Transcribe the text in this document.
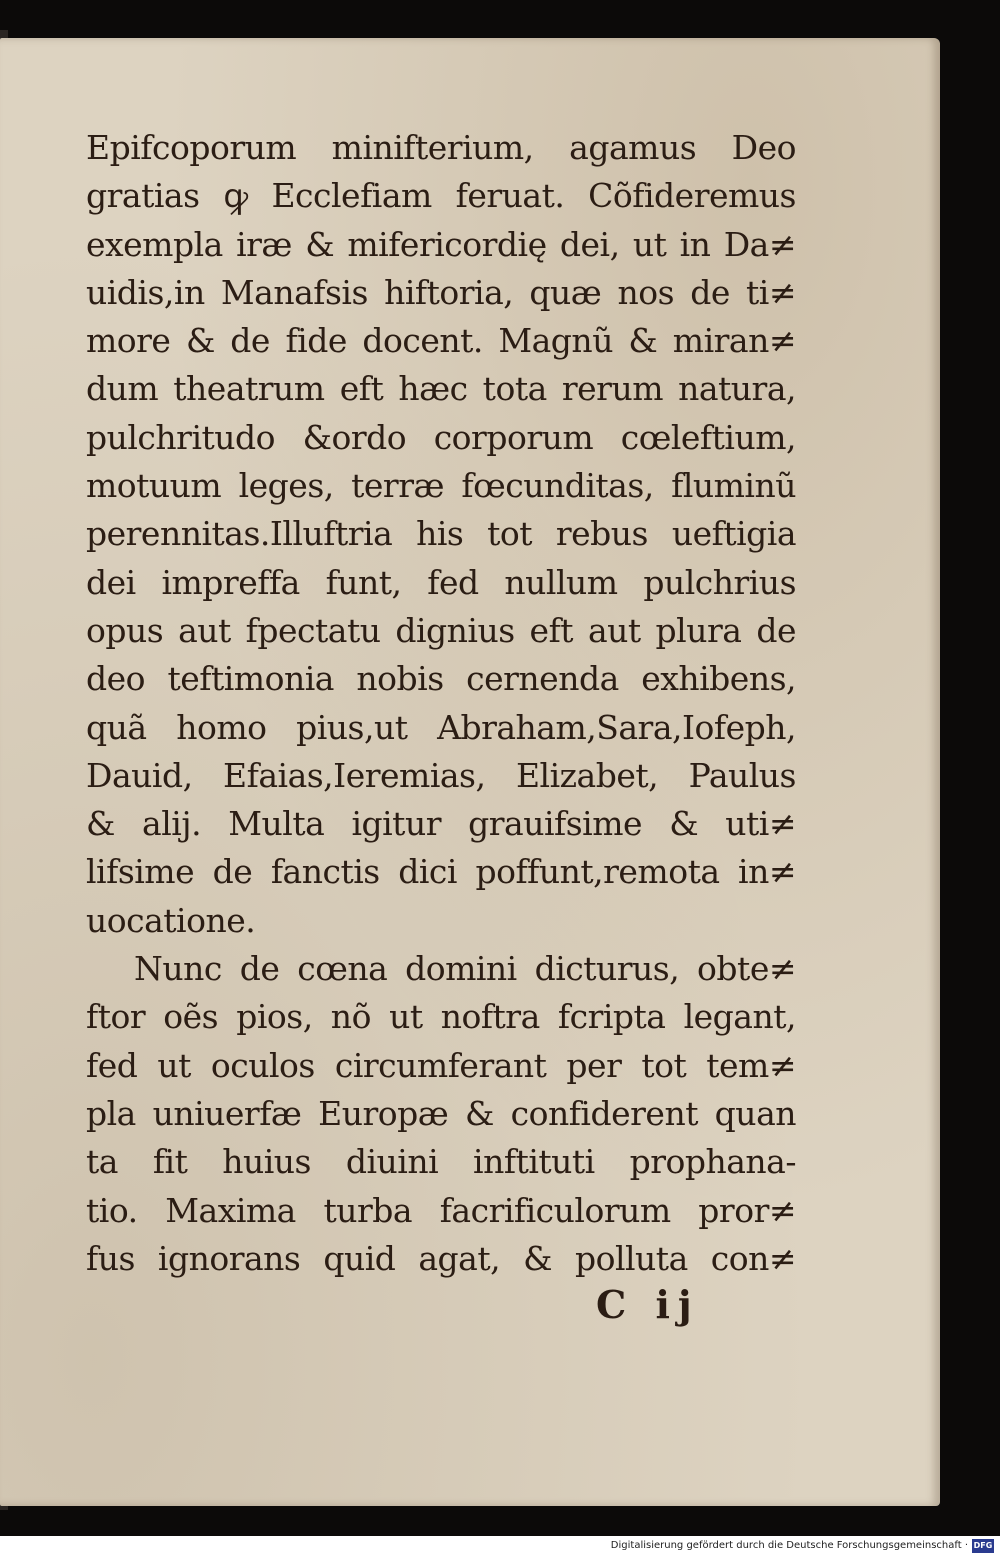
Epifcoporum minifterium, agamus Deo
gratias ꝙ Ecclefiam feruat. Cõfideremus
exempla iræ & mifericordię dei, ut in Da≠
uidis,in Manafsis hiftoria, quæ nos de ti≠
more & de fide docent. Magnũ & miran≠
dum theatrum eft hæc tota rerum natura,
pulchritudo &ordo corporum cœleftium,
motuum leges, terræ fœcunditas, fluminũ
perennitas.Illuftria his tot rebus ueftigia
dei impreffa funt, fed nullum pulchrius
opus aut fpectatu dignius eft aut plura de
deo teftimonia nobis cernenda exhibens,
quã homo pius,ut Abraham,Sara,Iofeph,
Dauid, Efaias,Ieremias, Elizabet, Paulus
& alij. Multa igitur grauifsime & uti≠
lifsime de fanctis dici poffunt,remota in≠
uocatione.
Nunc de cœna domini dicturus, obte≠
ftor oẽs pios, nõ ut noftra fcripta legant,
fed ut oculos circumferant per tot tem≠
pla uniuerfæ Europæ & confiderent quan
ta fit huius diuini inftituti prophana-
tio. Maxima turba facrificulorum pror≠
fus ignorans quid agat, & polluta con≠
C ij
Digitalisierung gefördert durch die Deutsche Forschungsgemeinschaft · DFG
